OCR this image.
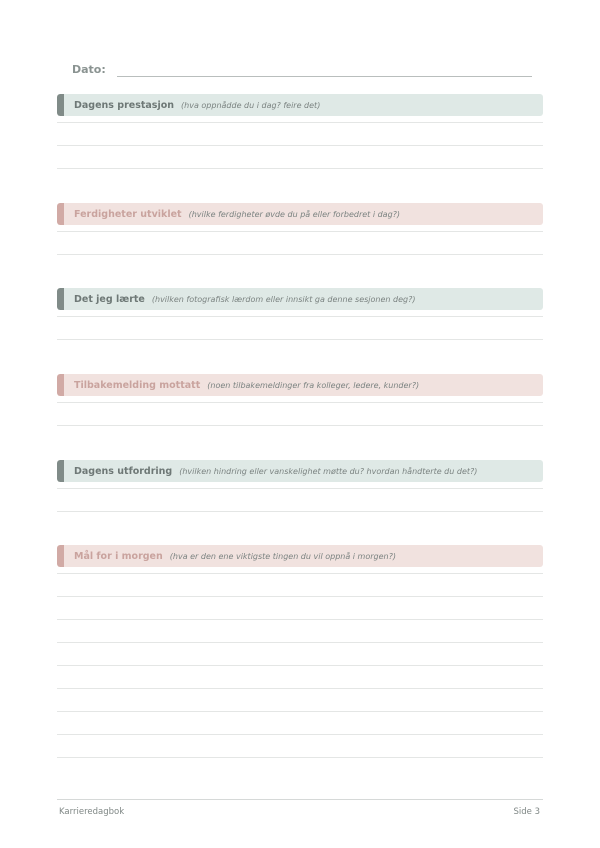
Dato:
Dagens prestasjon (hva oppnådde du i dag? feire det)
Ferdigheter utviklet (hvilke ferdigheter øvde du på eller forbedret i dag?)
Det jeg lærte (hvilken fotografisk lærdom eller innsikt ga denne sesjonen deg?)
Tilbakemelding mottatt (noen tilbakemeldinger fra kolleger, ledere, kunder?)
Dagens utfordring (hvilken hindring eller vanskelighet møtte du? hvordan håndterte du det?)
Mål for i morgen (hva er den ene viktigste tingen du vil oppnå i morgen?)
Karrieredagbok	Side 3
